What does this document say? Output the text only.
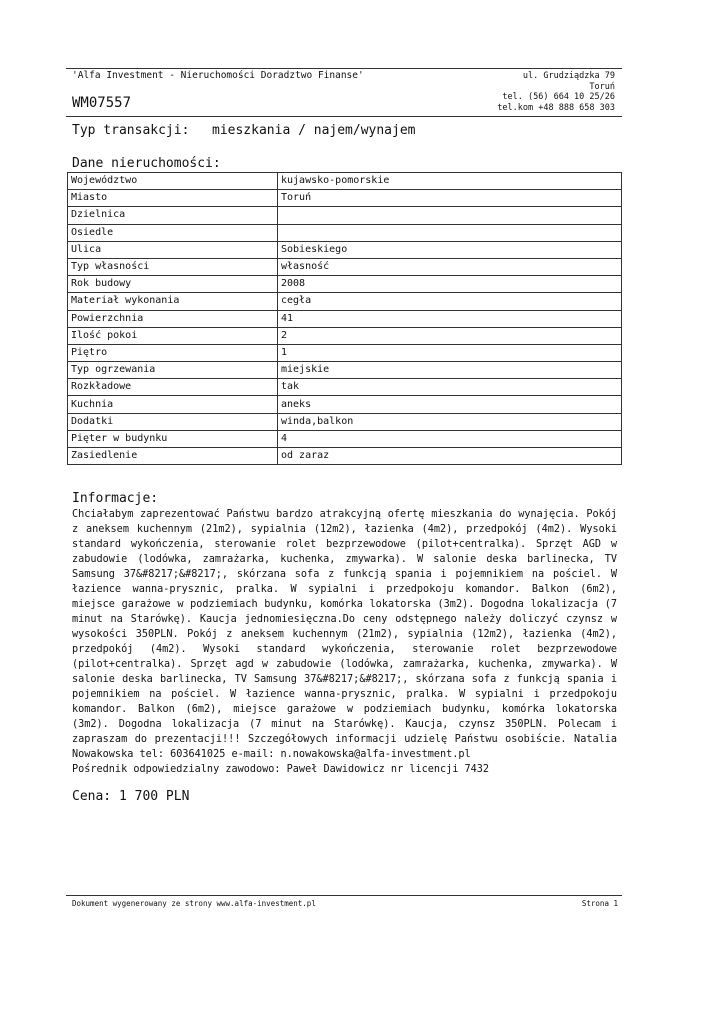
'Alfa Investment - Nieruchomości Doradztwo Finanse'
WM07557
ul. Grudziądzka 79
Toruń
tel. (56) 664 10 25/26
tel.kom +48 888 658 303
Typ transakcji: mieszkania / najem/wynajem
Dane nieruchomości:
Województwo	kujawsko-pomorskie
Miasto	Toruń
Dzielnica	
Osiedle	
Ulica	Sobieskiego
Typ własności	własność
Rok budowy	2008
Materiał wykonania	cegła
Powierzchnia	41
Ilość pokoi	2
Piętro	1
Typ ogrzewania	miejskie
Rozkładowe	tak
Kuchnia	aneks
Dodatki	winda,balkon
Pięter w budynku	4
Zasiedlenie	od zaraz
Informacje:

Chciałabym zaprezentować Państwu bardzo atrakcyjną ofertę mieszkania do wynajęcia. Pokój z aneksem kuchennym (21m2), sypialnia (12m2), łazienka (4m2), przedpokój (4m2). Wysoki standard wykończenia, sterowanie rolet bezprzewodowe (pilot+centralka). Sprzęt AGD w zabudowie (lodówka, zamrażarka, kuchenka, zmywarka). W salonie deska barlinecka, TV Samsung 37&#8217;&#8217;, skórzana sofa z funkcją spania i pojemnikiem na pościel. W łazience wanna-prysznic, pralka. W sypialni i przedpokoju komandor. Balkon (6m2), miejsce garażowe w podziemiach budynku, komórka lokatorska (3m2). Dogodna lokalizacja (7 minut na Starówkę). Kaucja jednomiesięczna.Do ceny odstępnego należy doliczyć czynsz w wysokości 350PLN. Pokój z aneksem kuchennym (21m2), sypialnia (12m2), łazienka (4m2), przedpokój (4m2). Wysoki standard wykończenia, sterowanie rolet bezprzewodowe (pilot+centralka). Sprzęt agd w zabudowie (lodówka, zamrażarka, kuchenka, zmywarka). W salonie deska barlinecka, TV Samsung 37&#8217;&#8217;, skórzana sofa z funkcją spania i pojemnikiem na pościel. W łazience wanna-prysznic, pralka. W sypialni i przedpokoju komandor. Balkon (6m2), miejsce garażowe w podziemiach budynku, komórka lokatorska (3m2). Dogodna lokalizacja (7 minut na Starówkę). Kaucja, czynsz 350PLN. Polecam i zapraszam do prezentacji!!! Szczegółowych informacji udzielę Państwu osobiście. Natalia Nowakowska tel: 603641025 e-mail: n.nowakowska@alfa-investment.pl

Pośrednik odpowiedzialny zawodowo: Paweł Dawidowicz nr licencji 7432

Cena: 1 700 PLN
Dokument wygenerowany ze strony www.alfa-investment.pl	Strona 1
